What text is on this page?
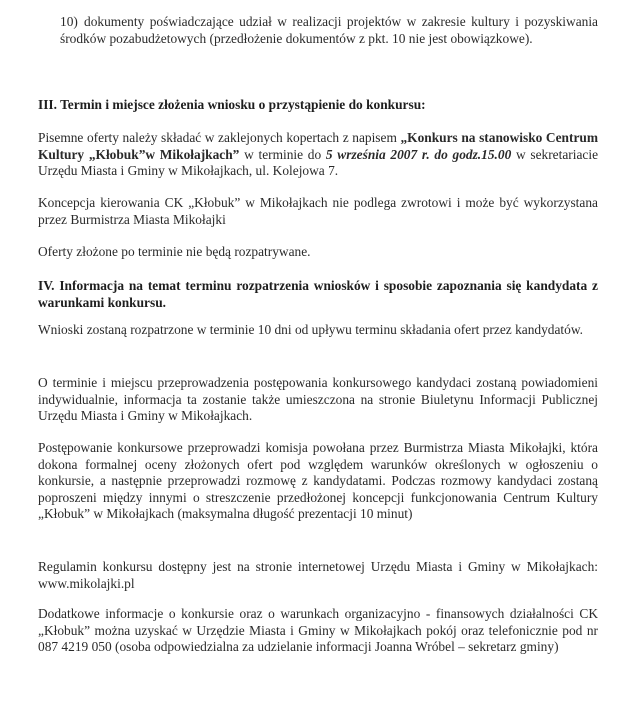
10) dokumenty poświadczające udział w realizacji projektów w zakresie kultury i pozyskiwania środków pozabudżetowych (przedłożenie dokumentów z pkt. 10 nie jest obowiązkowe).

III. Termin i miejsce złożenia wniosku o przystąpienie do konkursu:

Pisemne oferty należy składać w zaklejonych kopertach z napisem „Konkurs na stanowisko Centrum Kultury „Kłobuk”w Mikołajkach” w terminie do 5 września 2007 r. do godz.15.00 w sekretariacie Urzędu Miasta i Gminy w Mikołajkach, ul. Kolejowa 7.

Koncepcja kierowania CK „Kłobuk” w Mikołajkach nie podlega zwrotowi i może być wykorzystana przez Burmistrza Miasta Mikołajki

Oferty złożone po terminie nie będą rozpatrywane.

IV. Informacja na temat terminu rozpatrzenia wniosków i sposobie zapoznania się kandydata z warunkami konkursu.

Wnioski zostaną rozpatrzone w terminie 10 dni od upływu terminu składania ofert przez kandydatów.

O terminie i miejscu przeprowadzenia postępowania konkursowego kandydaci zostaną powiadomieni indywidualnie, informacja ta zostanie także umieszczona na stronie Biuletynu Informacji Publicznej Urzędu Miasta i Gminy w Mikołajkach.

Postępowanie konkursowe przeprowadzi komisja powołana przez Burmistrza Miasta Mikołajki, która dokona formalnej oceny złożonych ofert pod względem warunków określonych w ogłoszeniu o konkursie, a następnie przeprowadzi rozmowę z kandydatami. Podczas rozmowy kandydaci zostaną poproszeni między innymi o streszczenie przedłożonej koncepcji funkcjonowania Centrum Kultury „Kłobuk” w Mikołajkach (maksymalna długość prezentacji 10 minut)

Regulamin konkursu dostępny jest na stronie internetowej Urzędu Miasta i Gminy w Mikołajkach: www.mikolajki.pl

Dodatkowe informacje o konkursie oraz o warunkach organizacyjno - finansowych działalności CK „Kłobuk” można uzyskać w Urzędzie Miasta i Gminy w Mikołajkach pokój oraz telefonicznie pod nr 087 4219 050 (osoba odpowiedzialna za udzielanie informacji Joanna Wróbel – sekretarz gminy)
